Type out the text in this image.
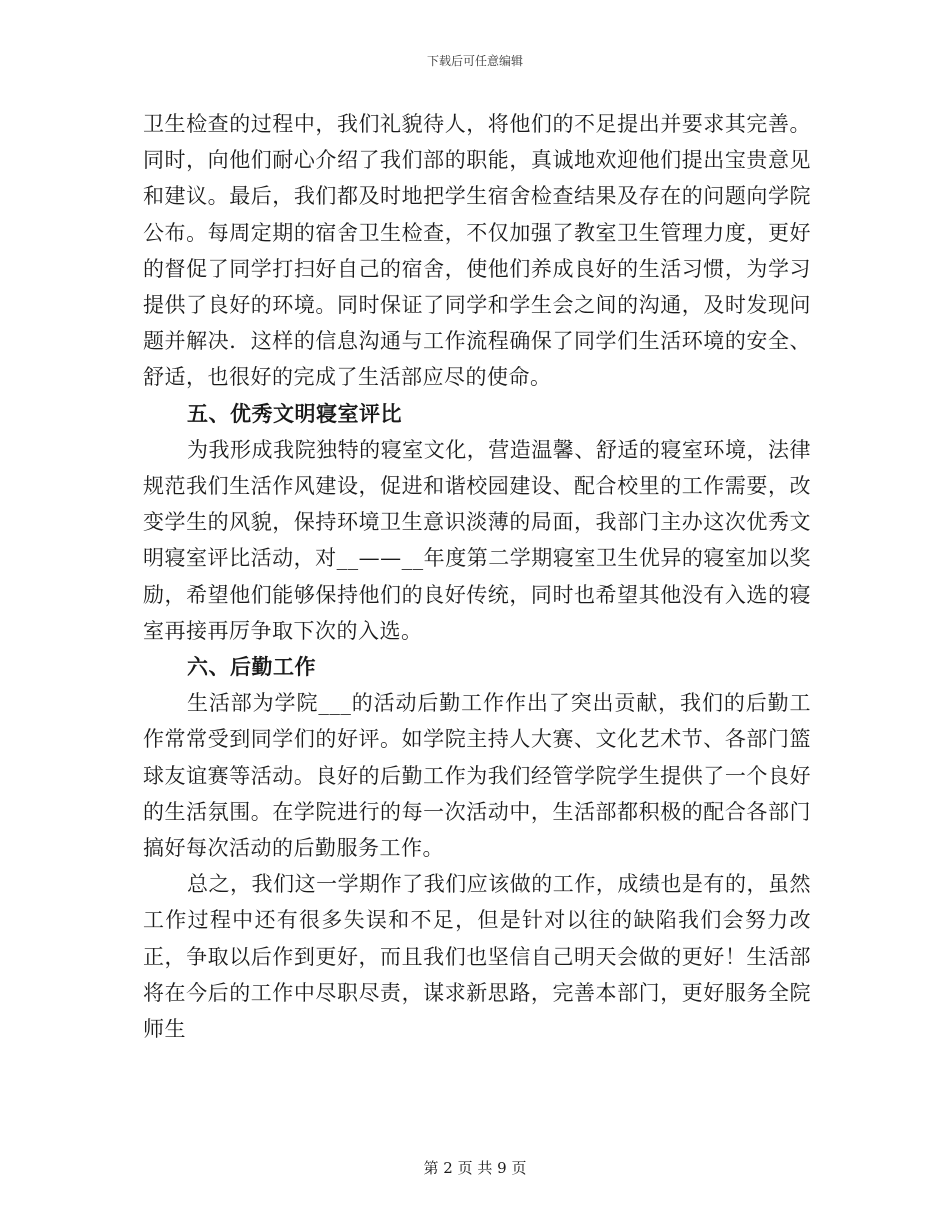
下载后可任意编辑

卫生检查的过程中，我们礼貌待人，将他们的不足提出并要求其完善。同时，向他们耐心介绍了我们部的职能，真诚地欢迎他们提出宝贵意见和建议。最后，我们都及时地把学生宿舍检查结果及存在的问题向学院公布。每周定期的宿舍卫生检查，不仅加强了教室卫生管理力度，更好的督促了同学打扫好自己的宿舍，使他们养成良好的生活习惯，为学习提供了良好的环境。同时保证了同学和学生会之间的沟通，及时发现问题并解决．这样的信息沟通与工作流程确保了同学们生活环境的安全、舒适，也很好的完成了生活部应尽的使命。

五、优秀文明寝室评比

为我形成我院独特的寝室文化，营造温馨、舒适的寝室环境，法律规范我们生活作风建设，促进和谐校园建设、配合校里的工作需要，改变学生的风貌，保持环境卫生意识淡薄的局面，我部门主办这次优秀文明寝室评比活动，对__——__年度第二学期寝室卫生优异的寝室加以奖励，希望他们能够保持他们的良好传统，同时也希望其他没有入选的寝室再接再厉争取下次的入选。

六、后勤工作

生活部为学院___的活动后勤工作作出了突出贡献，我们的后勤工作常常受到同学们的好评。如学院主持人大赛、文化艺术节、各部门篮球友谊赛等活动。良好的后勤工作为我们经管学院学生提供了一个良好的生活氛围。在学院进行的每一次活动中，生活部都积极的配合各部门搞好每次活动的后勤服务工作。

总之，我们这一学期作了我们应该做的工作，成绩也是有的，虽然工作过程中还有很多失误和不足，但是针对以往的缺陷我们会努力改正，争取以后作到更好，而且我们也坚信自己明天会做的更好！生活部将在今后的工作中尽职尽责，谋求新思路，完善本部门，更好服务全院师生

第 2 页 共 9 页
